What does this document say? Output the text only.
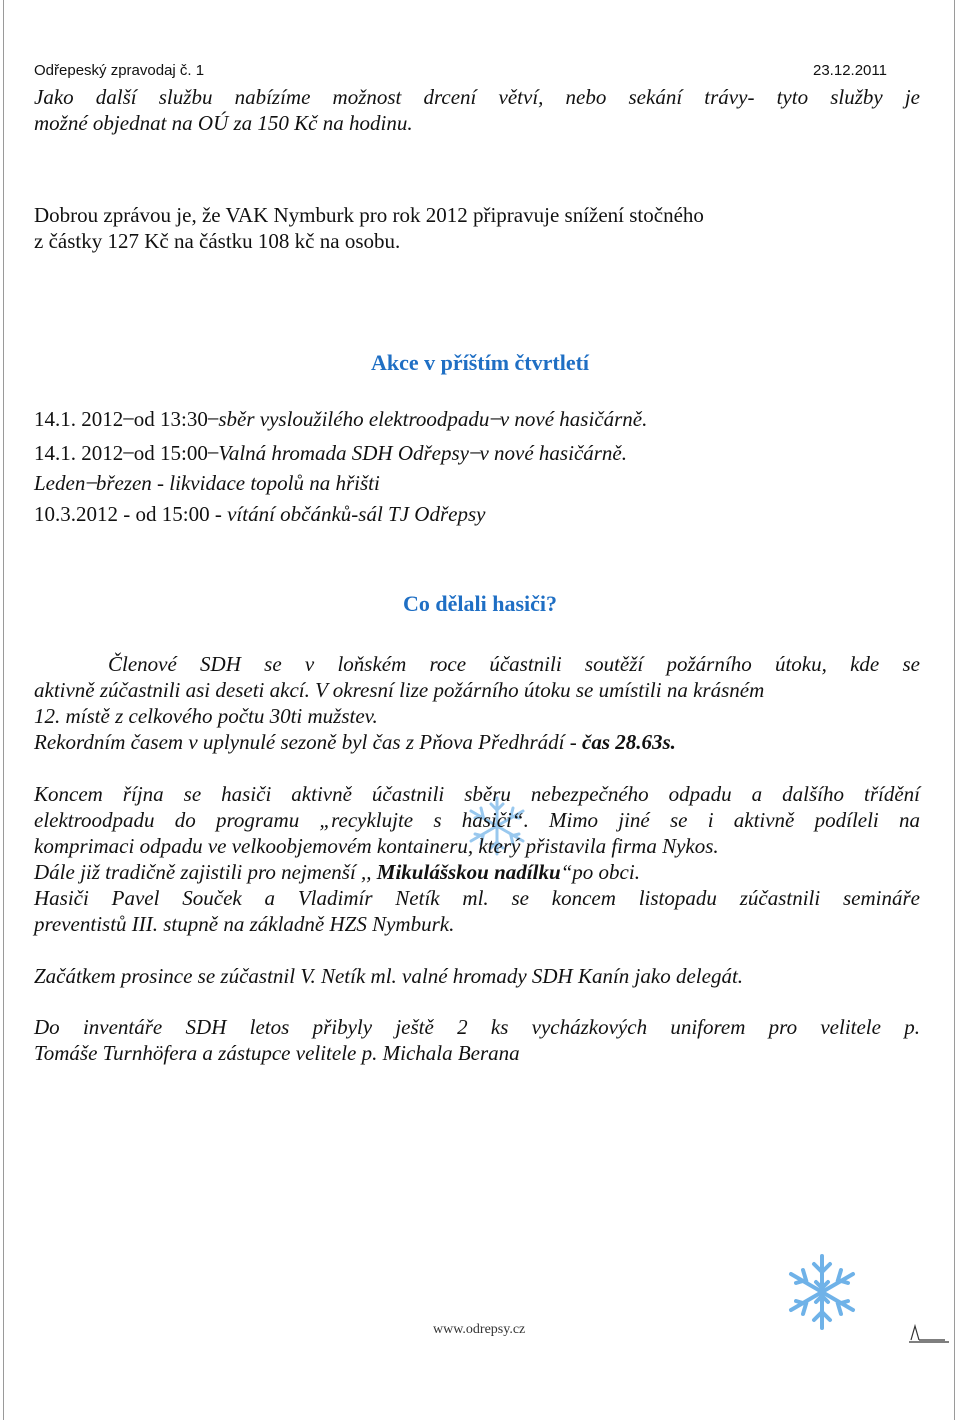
Odřepeský zpravodaj č. 1	23.12.2011
Jako další službu nabízíme možnost drcení větví, nebo sekání trávy- tyto služby je
možné objednat na OÚ za 150 Kč na hodinu.
Dobrou zprávou je, že VAK Nymburk pro rok 2012 připravuje snížení stočného
z částky 127 Kč na částku 108 kč na osobu.
Akce v příštím čtvrtletí
14.1. 2012 ̶ od 13:30 ̶ sběr vysloužilého elektroodpadu ̶ v nové hasičárně.
14.1. 2012 ̶ od 15:00 ̶ Valná hromada SDH Odřepsy ̶ v nové hasičárně.
Leden ̶ březen - likvidace topolů na hřišti
10.3.2012 - od 15:00 - vítání občánků-sál TJ Odřepsy
Co dělali hasiči?
Členové SDH se v loňském roce účastnili soutěží požárního útoku, kde se
aktivně zúčastnili asi deseti akcí. V okresní lize požárního útoku se umístili na krásném
12. místě z celkového počtu 30ti mužstev.
Rekordním časem v uplynulé sezoně byl čas z Pňova Předhrádí - čas 28.63s.
Koncem října se hasiči aktivně účastnili sběru nebezpečného odpadu a dalšího třídění
elektroodpadu do programu „recyklujte s hasiči“. Mimo jiné se i aktivně podíleli na
komprimaci odpadu ve velkoobjemovém kontaineru, který přistavila firma Nykos.
Dále již tradičně zajistili pro nejmenší ,, Mikulášskou nadílku“po obci.
Hasiči Pavel Souček a Vladimír Netík ml. se koncem listopadu zúčastnili semináře
preventistů III. stupně na základně HZS Nymburk.
Začátkem prosince se zúčastnil V. Netík ml. valné hromady SDH Kanín jako delegát.
Do inventáře SDH letos přibyly ještě 2 ks vycházkových uniforem pro velitele p.
Tomáše Turnhöfera a zástupce velitele p. Michala Berana
www.odrepsy.cz
